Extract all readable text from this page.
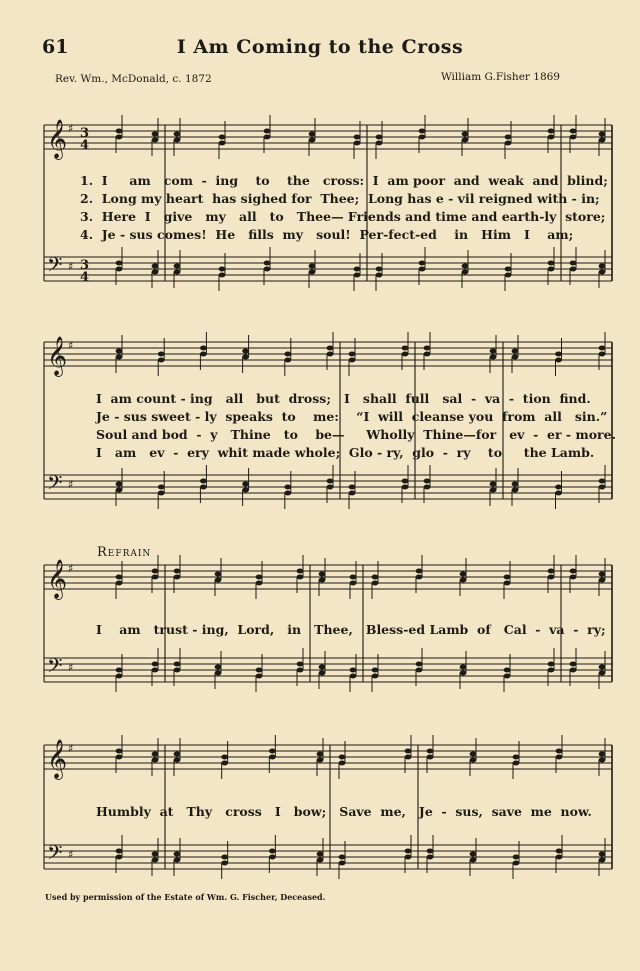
61	I Am Coming to the Cross
Rev. Wm., McDonald, c. 1872	William G.Fisher 1869
𝄞 ♯ 3
4
𝄢 ♯ 3
4
𝄞 ♯
𝄢 ♯
𝄞 ♯
𝄢 ♯
𝄞 ♯
𝄢 ♯
1.  I     am   com  -  ing    to    the   cross:  I  am poor  and  weak  and  blind;
2.  Long my heart  has sighed for  Thee;  Long has e - vil reigned with - in;
3.  Here  I   give   my   all   to   Thee— Friends and time and earth-ly  store;
4.  Je - sus comes!  He   fills  my   soul!  Per-fect-ed    in   Him   I    am;
I  am count - ing   all   but  dross;   I   shall  full   sal  -  va  -  tion  find.
Je - sus sweet - ly  speaks  to    me:    “I  will  cleanse you  from  all   sin.”
Soul and bod  -  y   Thine   to    be—     Wholly  Thine—for   ev  -  er - more.
I   am   ev  -  ery  whit made whole;  Glo - ry,  glo  -  ry    to     the Lamb.
Refrain
I    am   trust - ing,  Lord,   in   Thee,   Bless-ed Lamb  of   Cal  -  va  -  ry;
Humbly  at   Thy   cross   I   bow;   Save  me,   Je  -  sus,  save  me  now.
Used by permission of the Estate of Wm. G. Fischer, Deceased.
